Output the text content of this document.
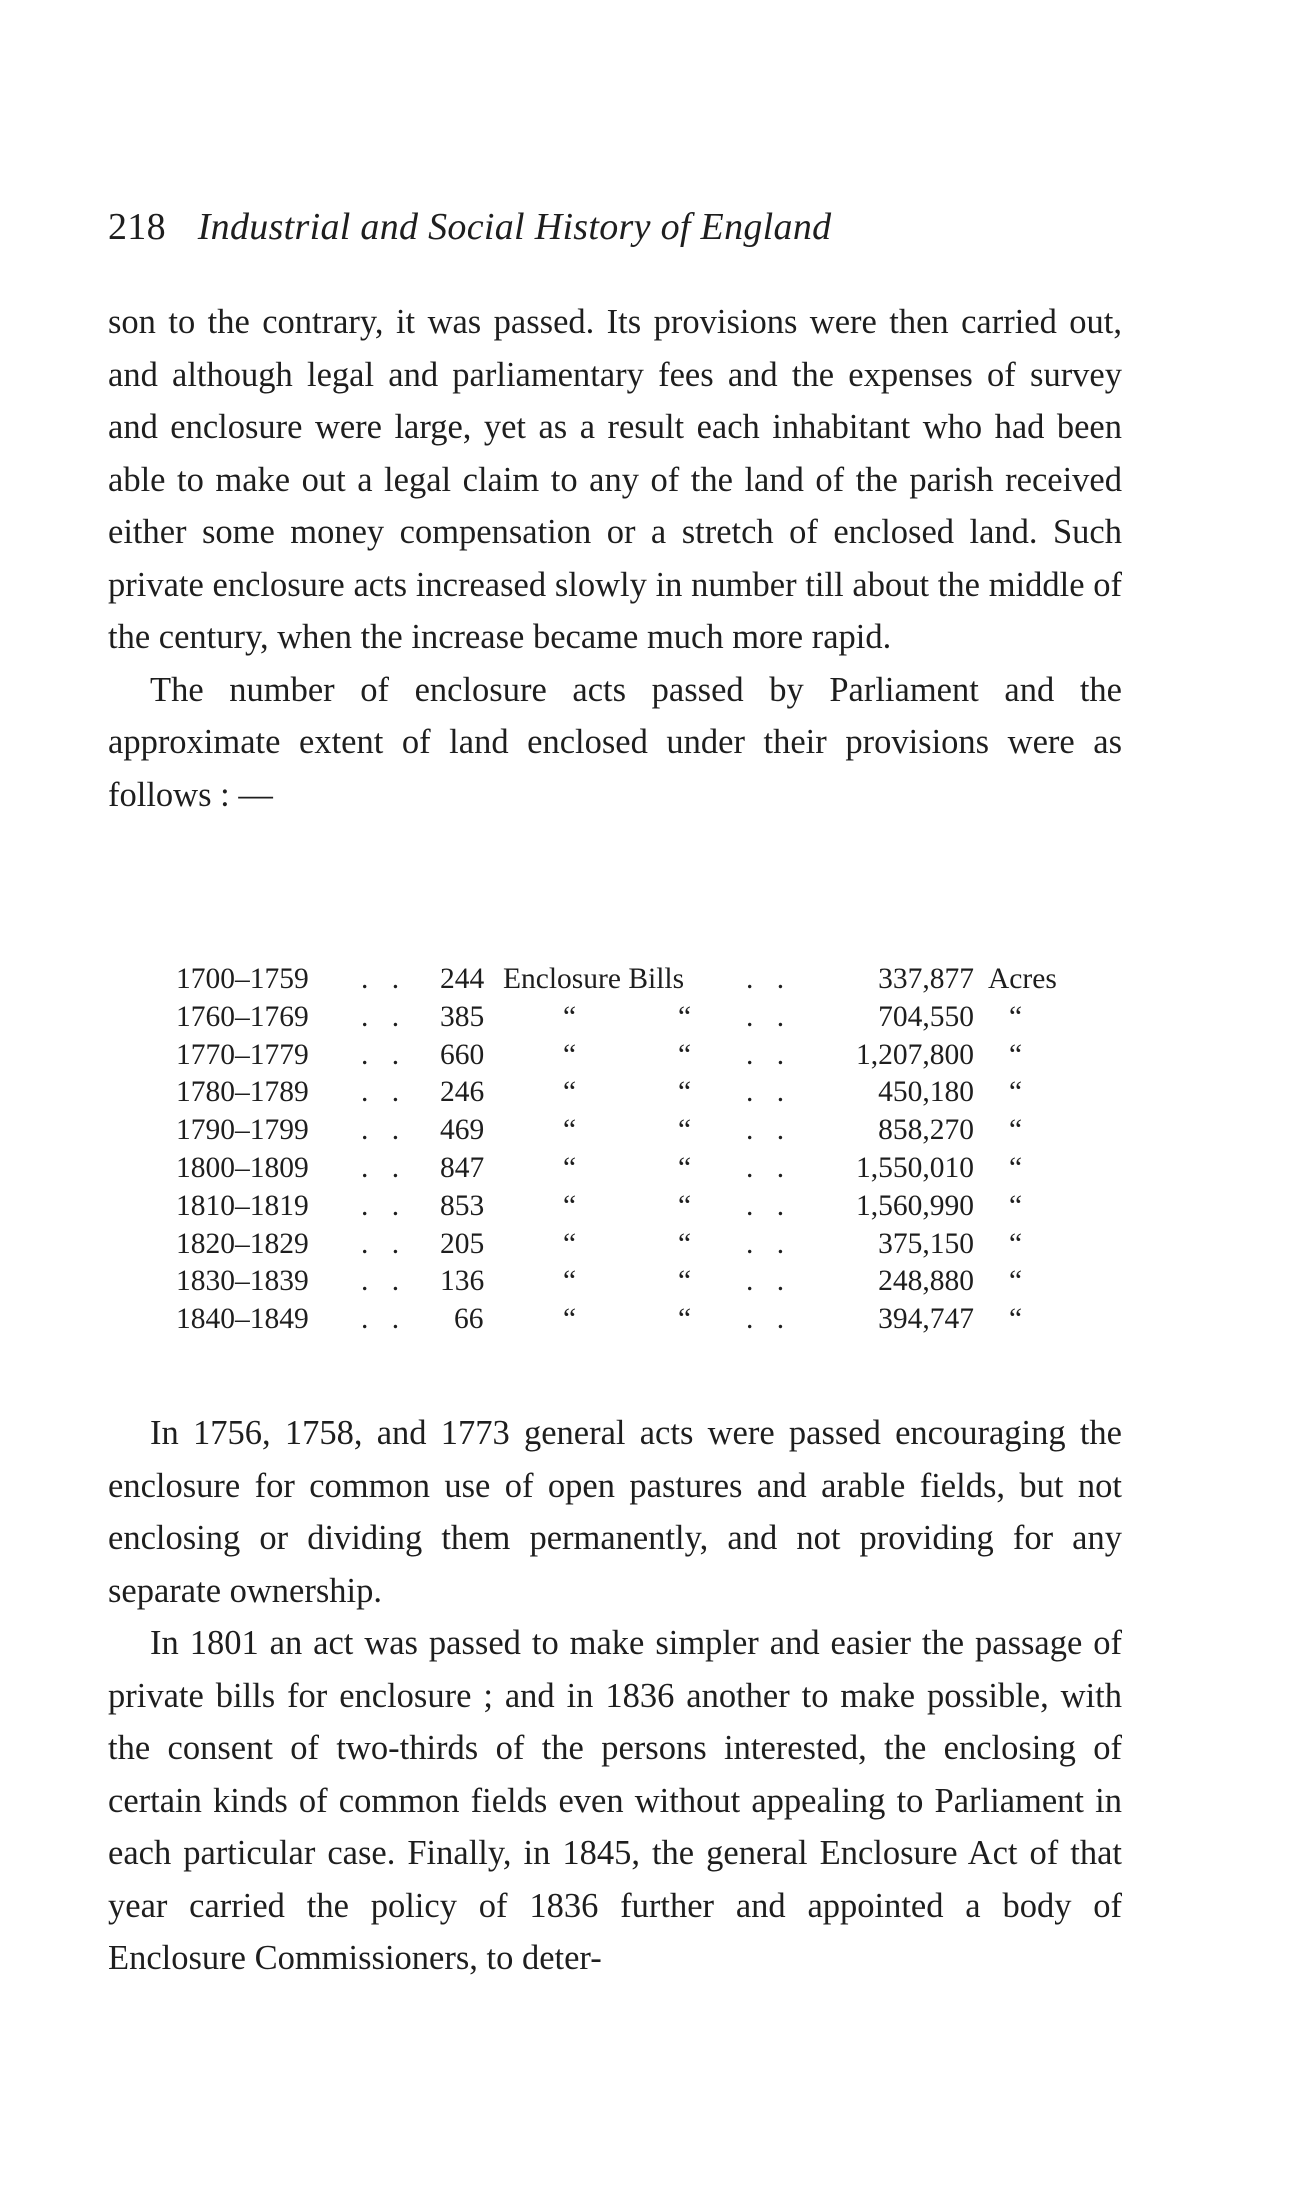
218 Industrial and Social History of England

son to the contrary, it was passed. Its provisions were then carried out, and although legal and parliamentary fees and the expenses of survey and enclosure were large, yet as a result each inhabitant who had been able to make out a legal claim to any of the land of the parish received either some money compensation or a stretch of enclosed land. Such private enclosure acts increased slowly in number till about the middle of the century, when the increase became much more rapid.

The number of enclosure acts passed by Parliament and the approximate extent of land enclosed under their provisions were as follows : —

1700–1759 . . 244 Enclosure Bills . .	337,877 Acres
1760–1769 . . 385	“	“ . .	704,550 “
1770–1779 . . 660	“	“ . .	1,207,800 “
1780–1789 . . 246	“	“ . .	450,180 “
1790–1799 . . 469	“	“ . .	858,270 “
1800–1809 . . 847	“	“ . .	1,550,010 “
1810–1819 . . 853	“	“ . .	1,560,990 “
1820–1829 . . 205	“	“ . .	375,150 “
1830–1839 . . 136	“	“ . .	248,880 “
1840–1849 . . 66	“	“ . .	394,747 “

In 1756, 1758, and 1773 general acts were passed encouraging the enclosure for common use of open pastures and arable fields, but not enclosing or dividing them permanently, and not providing for any separate ownership.

In 1801 an act was passed to make simpler and easier the passage of private bills for enclosure ; and in 1836 another to make possible, with the consent of two-thirds of the persons interested, the enclosing of certain kinds of common fields even without appealing to Parliament in each particular case. Finally, in 1845, the general Enclosure Act of that year carried the policy of 1836 further and appointed a body of Enclosure Commissioners, to deter-
